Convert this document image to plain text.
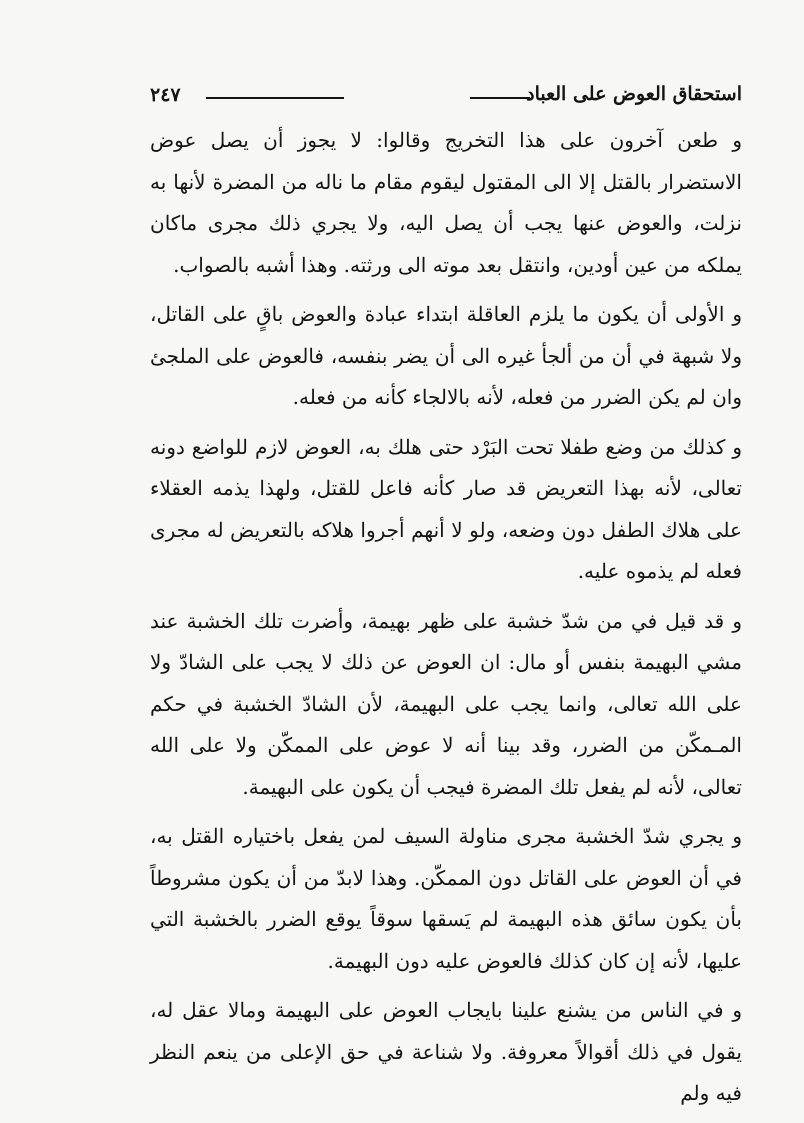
٢٤٧	استحقاق العوض على العباد

و طعن آخرون على هذا التخريج وقالوا: لا يجوز أن يصل عوض الاستضرار بالقتل إلا الى المقتول ليقوم مقام ما ناله من المضرة لأنها به نزلت، والعوض عنها يجب أن يصل اليه، ولا يجري ذلك مجرى ماكان يملكه من عين أودين، وانتقل بعد موته الى ورثته. وهذا أشبه بالصواب.

و الأولى أن يكون ما يلزم العاقلة ابتداء عبادة والعوض باقٍ على القاتل، ولا شبهة في أن من ألجأ غيره الى أن يضر بنفسه، فالعوض على الملجئ وان لم يكن الضرر من فعله، لأنه بالالجاء كأنه من فعله.

و كذلك من وضع طفلا تحت البَرْد حتى هلك به، العوض لازم للواضع دونه تعالى، لأنه بهذا التعريض قد صار كأنه فاعل للقتل، ولهذا يذمه العقلاء على هلاك الطفل دون وضعه، ولو لا أنهم أجروا هلاكه بالتعريض له مجرى فعله لم يذموه عليه.

و قد قيل في من شدّ خشبة على ظهر بهيمة، وأضرت تلك الخشبة عند مشي البهيمة بنفس أو مال: ان العوض عن ذلك لا يجب على الشادّ ولا على الله تعالى، وانما يجب على البهيمة، لأن الشادّ الخشبة في حكم المـمكّن من الضرر، وقد بينا أنه لا عوض على الممكّن ولا على الله تعالى، لأنه لم يفعل تلك المضرة فيجب أن يكون على البهيمة.

و يجري شدّ الخشبة مجرى مناولة السيف لمن يفعل باختياره القتل به، في أن العوض على القاتل دون الممكّن. وهذا لابدّ من أن يكون مشروطاً بأن يكون سائق هذه البهيمة لم يَسقها سوقاً يوقع الضرر بالخشبة التي عليها، لأنه إن كان كذلك فالعوض عليه دون البهيمة.

و في الناس من يشنع علينا بايجاب العوض على البهيمة ومالا عقل له، يقول في ذلك أقوالاً معروفة. ولا شناعة في حق الإعلى من ينعم النظر فيه ولم
